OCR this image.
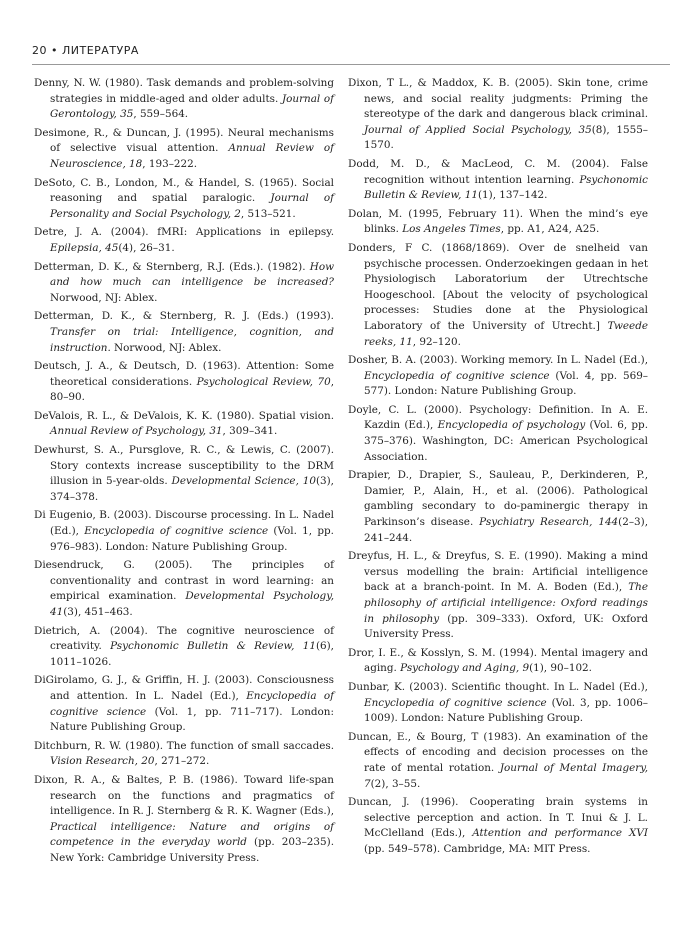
20 • ЛИТЕРАТУРА

Denny, N. W. (1980). Task demands and problem-solving strategies in middle-aged and older adults. Journal of Gerontology, 35, 559–564.

Desimone, R., & Duncan, J. (1995). Neural mechanisms of selective visual attention. Annual Review of Neuroscience, 18, 193–222.

DeSoto, C. B., London, M., & Handel, S. (1965). Social reasoning and spatial paralogic. Journal of Personality and Social Psychology, 2, 513–521.

Detre, J. A. (2004). fMRI: Applications in epilepsy. Epilepsia, 45(4), 26–31.

Detterman, D. K., & Sternberg, R.J. (Eds.). (1982). How and how much can intelligence be increased? Norwood, NJ: Ablex.

Detterman, D. K., & Sternberg, R. J. (Eds.) (1993). Transfer on trial: Intelligence, cognition, and instruction. Norwood, NJ: Ablex.

Deutsch, J. A., & Deutsch, D. (1963). Attention: Some theoretical considerations. Psychological Review, 70, 80–90.

DeValois, R. L., & DeValois, K. K. (1980). Spatial vision. Annual Review of Psychology, 31, 309–341.

Dewhurst, S. A., Pursglove, R. C., & Lewis, C. (2007). Story contexts increase susceptibility to the DRM illusion in 5-year-olds. Developmental Science, 10(3), 374–378.

Di Eugenio, B. (2003). Discourse processing. In L. Nadel (Ed.), Encyclopedia of cognitive science (Vol. 1, pp. 976–983). London: Nature Publishing Group.

Diesendruck, G. (2005). The principles of conventionality and contrast in word learning: an empirical examination. Developmental Psychology, 41(3), 451–463.

Dietrich, A. (2004). The cognitive neuroscience of creativity. Psychonomic Bulletin & Review, 11(6), 1011–1026.

DiGirolamo, G. J., & Griffin, H. J. (2003). Consciousness and attention. In L. Nadel (Ed.), Encyclopedia of cognitive science (Vol. 1, pp. 711–717). London: Nature Publishing Group.

Ditchburn, R. W. (1980). The function of small saccades. Vision Research, 20, 271–272.

Dixon, R. A., & Baltes, P. B. (1986). Toward life-span research on the functions and pragmatics of intelligence. In R. J. Sternberg & R. K. Wagner (Eds.), Practical intelligence: Nature and origins of competence in the everyday world (pp. 203–235). New York: Cambridge University Press.

Dixon, T L., & Maddox, K. B. (2005). Skin tone, crime news, and social reality judgments: Priming the stereotype of the dark and dangerous black criminal. Journal of Applied Social Psychology, 35(8), 1555–1570.

Dodd, M. D., & MacLeod, C. M. (2004). False recognition without intention learning. Psychonomic Bulletin & Review, 11(1), 137–142.

Dolan, M. (1995, February 11). When the mind’s eye blinks. Los Angeles Times, pp. A1, A24, A25.

Donders, F C. (1868/1869). Over de snelheid van psychische processen. Onderzoekingen gedaan in het Physiologisch Laboratorium der Utrechtsche Hoogeschool. [About the velocity of psychological processes: Studies done at the Physiological Laboratory of the University of Utrecht.] Tweede reeks, 11, 92–120.

Dosher, B. A. (2003). Working memory. In L. Nadel (Ed.), Encyclopedia of cognitive science (Vol. 4, pp. 569–577). London: Nature Publishing Group.

Doyle, C. L. (2000). Psychology: Definition. In A. E. Kazdin (Ed.), Encyclopedia of psychology (Vol. 6, pp. 375–376). Washington, DC: American Psychological Association.

Drapier, D., Drapier, S., Sauleau, P., Derkinderen, P., Damier, P., Alain, H., et al. (2006). Pathological gambling secondary to do-paminergic therapy in Parkinson’s disease. Psychiatry Research, 144(2–3), 241–244.

Dreyfus, H. L., & Dreyfus, S. E. (1990). Making a mind versus modelling the brain: Artificial intelligence back at a branch-point. In M. A. Boden (Ed.), The philosophy of artificial intelligence: Oxford readings in philosophy (pp. 309–333). Oxford, UK: Oxford University Press.

Dror, I. E., & Kosslyn, S. M. (1994). Mental imagery and aging. Psychology and Aging, 9(1), 90–102.

Dunbar, K. (2003). Scientific thought. In L. Nadel (Ed.), Encyclopedia of cognitive science (Vol. 3, pp. 1006–1009). London: Nature Publishing Group.

Duncan, E., & Bourg, T (1983). An examination of the effects of encoding and decision processes on the rate of mental rotation. Journal of Mental Imagery, 7(2), 3–55.

Duncan, J. (1996). Cooperating brain systems in selective perception and action. In T. Inui & J. L. McClelland (Eds.), Attention and performance XVI (pp. 549–578). Cambridge, MA: MIT Press.
